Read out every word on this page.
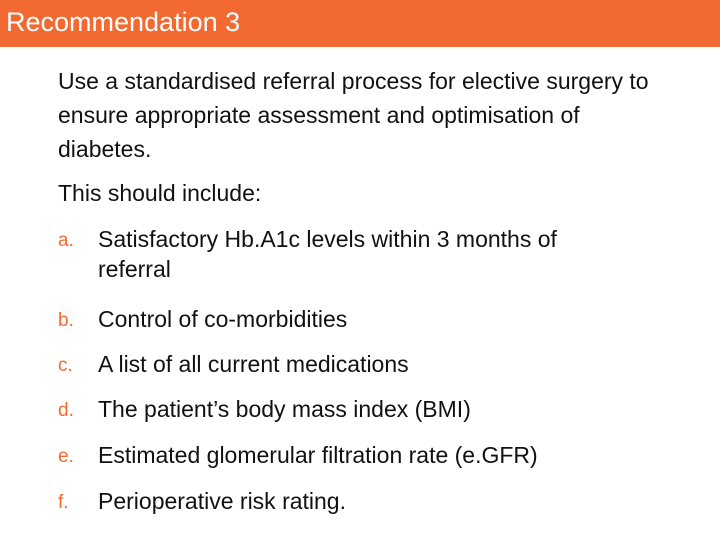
Recommendation 3

Use a standardised referral process for elective surgery to ensure appropriate assessment and optimisation of diabetes.

This should include:

a. Satisfactory Hb.A1c levels within 3 months of referral
b. Control of co-morbidities
c. A list of all current medications
d. The patient’s body mass index (BMI)
e. Estimated glomerular filtration rate (e.GFR)
f. Perioperative risk rating.
